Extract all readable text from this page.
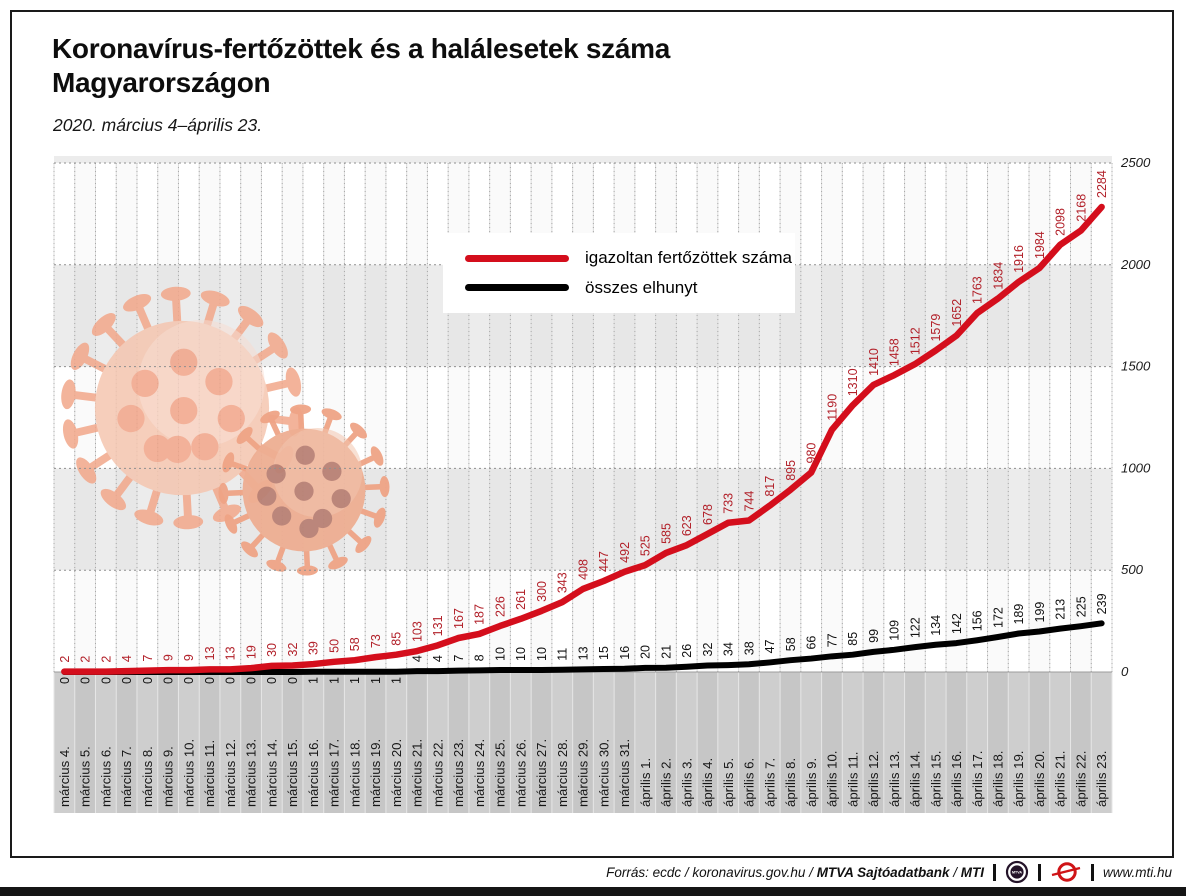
Koronavírus-fertőzöttek és a halálesetek száma
Magyarországon
2020. március 4–április 23.
0
500
1000
1500
2000
2500
március 4. március 5. március 6. március 7. március 8. március 9. március 10. március 11. március 12. március 13. március 14. március 15. március 16. március 17. március 18. március 19. március 20. március 21. március 22. március 23. március 24. március 25. március 26. március 27. március 28. március 29. március 30. március 31. április 1. április 2. április 3. április 4. április 5. április 6. április 7. április 8. április 9. április 10. április 11. április 12. április 13. április 14. április 15. április 16. április 17. április 18. április 19. április 20. április 21. április 22. április 23.
0 0 0 0 0 0 0 0 0 0 0 0 1 1 1 1 1
4 4 7 8 10 10 10 11 13 15 16 20 21 26 32 34 38 47 58 66 77 85 99 109 122 134 142 156 172 189 199 213 225 239
2 2 2 4 7 9 9 13 13 19 30 32 39 50 58 73 85 103 131 167 187 226 261 300 343
408 447 492 525
585 623
678
733 744
817
895
980
1190
1310
1410 1458 1512 1579
1652
1763
1834
1916 1984
2098
2168
2284
igazoltan fertőzöttek száma
összes elhunyt
Forrás: ecdc / koronavirus.gov.hu / MTVA Sajtóadatbank / MTI	MTVA	www.mti.hu
